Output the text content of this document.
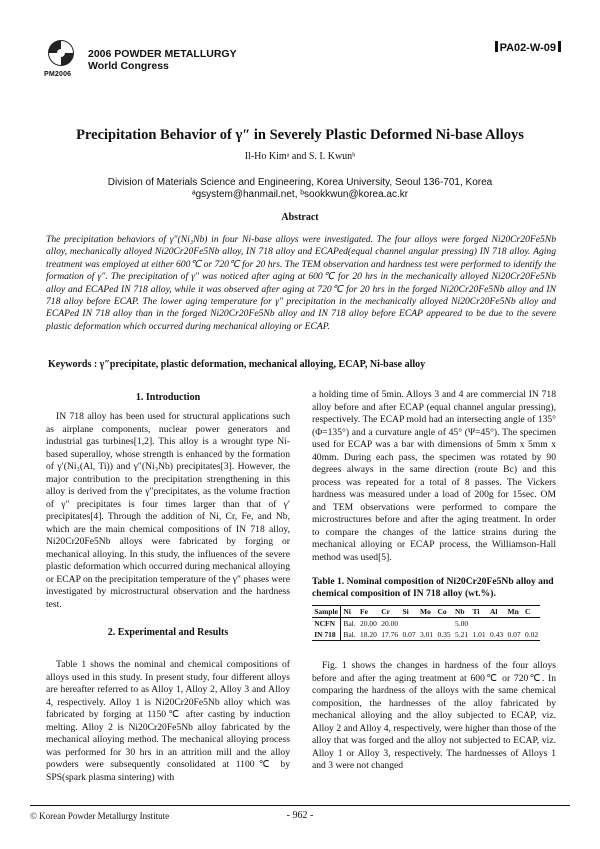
PM2006
2006 POWDER METALLURGY
World Congress
PA02-W-09
Precipitation Behavior of γ″ in Severely Plastic Deformed Ni-base Alloys
Il-Ho Kimᵃ and S. I. Kwunᵇ
Division of Materials Science and Engineering, Korea University, Seoul 136-701, Korea
ᵃgsystem@hanmail.net, ᵇsookkwun@korea.ac.kr
Abstract
The precipitation behaviors of γ″(Ni₃Nb) in four Ni-base alloys were investigated. The four alloys were forged Ni20Cr20Fe5Nb alloy, mechanically alloyed Ni20Cr20Fe5Nb alloy, IN 718 alloy and ECAPed(equal channel angular pressing) IN 718 alloy. Aging treatment was employed at either 600℃ or 720℃ for 20 hrs. The TEM observation and hardness test were performed to identify the formation of γ″. The precipitation of γ″ was noticed after aging at 600℃ for 20 hrs in the mechanically alloyed Ni20Cr20Fe5Nb alloy and ECAPed IN 718 alloy, while it was observed after aging at 720℃ for 20 hrs in the forged Ni20Cr20Fe5Nb alloy and IN 718 alloy before ECAP. The lower aging temperature for γ″ precipitation in the mechanically alloyed Ni20Cr20Fe5Nb alloy and ECAPed IN 718 alloy than in the forged Ni20Cr20Fe5Nb alloy and IN 718 alloy before ECAP appeared to be due to the severe plastic deformation which occurred during mechanical alloying or ECAP.
Keywords : γ″precipitate, plastic deformation, mechanical alloying, ECAP, Ni-base alloy
1. Introduction

IN 718 alloy has been used for structural applications such as airplane components, nuclear power generators and industrial gas turbines[1,2]. This alloy is a wrought type Ni-based superalloy, whose strength is enhanced by the formation of γ′(Ni₃(Al, Ti)) and γ″(Ni₃Nb) precipitates[3]. However, the major contribution to the precipitation strengthening in this alloy is derived from the γ″precipitates, as the volume fraction of γ″ precipitates is four times larger than that of γ′ precipitates[4]. Through the addition of Ni, Cr, Fe, and Nb, which are the main chemical compositions of IN 718 alloy, Ni20Cr20Fe5Nb alloys were fabricated by forging or mechanical alloying. In this study, the influences of the severe plastic deformation which occurred during mechanical alloying or ECAP on the precipitation temperature of the γ″ phases were investigated by microstructural observation and the hardness test.

2. Experimental and Results

Table 1 shows the nominal and chemical compositions of alloys used in this study. In present study, four different alloys are hereafter referred to as Alloy 1, Alloy 2, Alloy 3 and Alloy 4, respectively. Alloy 1 is Ni20Cr20Fe5Nb alloy which was fabricated by forging at 1150℃ after casting by induction melting. Alloy 2 is Ni20Cr20Fe5Nb alloy fabricated by the mechanical alloying method. The mechanical alloying process was performed for 30 hrs in an attrition mill and the alloy powders were subsequently consolidated at 1100℃ by SPS(spark plasma sintering) with

a holding time of 5min. Alloys 3 and 4 are commercial IN 718 alloy before and after ECAP (equal channel angular pressing), respectively. The ECAP mold had an intersecting angle of 135° (Φ=135°) and a curvature angle of 45° (Ψ=45°). The specimen used for ECAP was a bar with dimensions of 5mm x 5mm x 40mm. During each pass, the specimen was rotated by 90 degrees always in the same direction (route Bc) and this process was repeated for a total of 8 passes. The Vickers hardness was measured under a load of 200g for 15sec. OM and TEM observations were performed to compare the microstructures before and after the aging treatment. In order to compare the changes of the lattice strains during the mechanical alloying or ECAP process, the Williamson-Hall method was used[5].

Table 1. Nominal composition of Ni20Cr20Fe5Nb alloy and chemical composition of IN 718 alloy (wt.%).
Sample	Ni	Fe	Cr	Si	Mo	Co	Nb	Ti	Al	Mn	C
NCFN	Bal.	20.00	20.00				5.00				
IN 718	Bal.	18.20	17.76	0.07	3.01	0.35	5.21	1.01	0.43	0.07	0.02

Fig. 1 shows the changes in hardness of the four alloys before and after the aging treatment at 600℃ or 720℃. In comparing the hardness of the alloys with the same chemical composition, the hardnesses of the alloy fabricated by mechanical alloying and the alloy subjected to ECAP, viz. Alloy 2 and Alloy 4, respectively, were higher than those of the alloy that was forged and the alloy not subjected to ECAP, viz. Alloy 1 or Alloy 3, respectively. The hardnesses of Alloys 1 and 3 were not changed

© Korean Powder Metallurgy Institute	- 962 -
